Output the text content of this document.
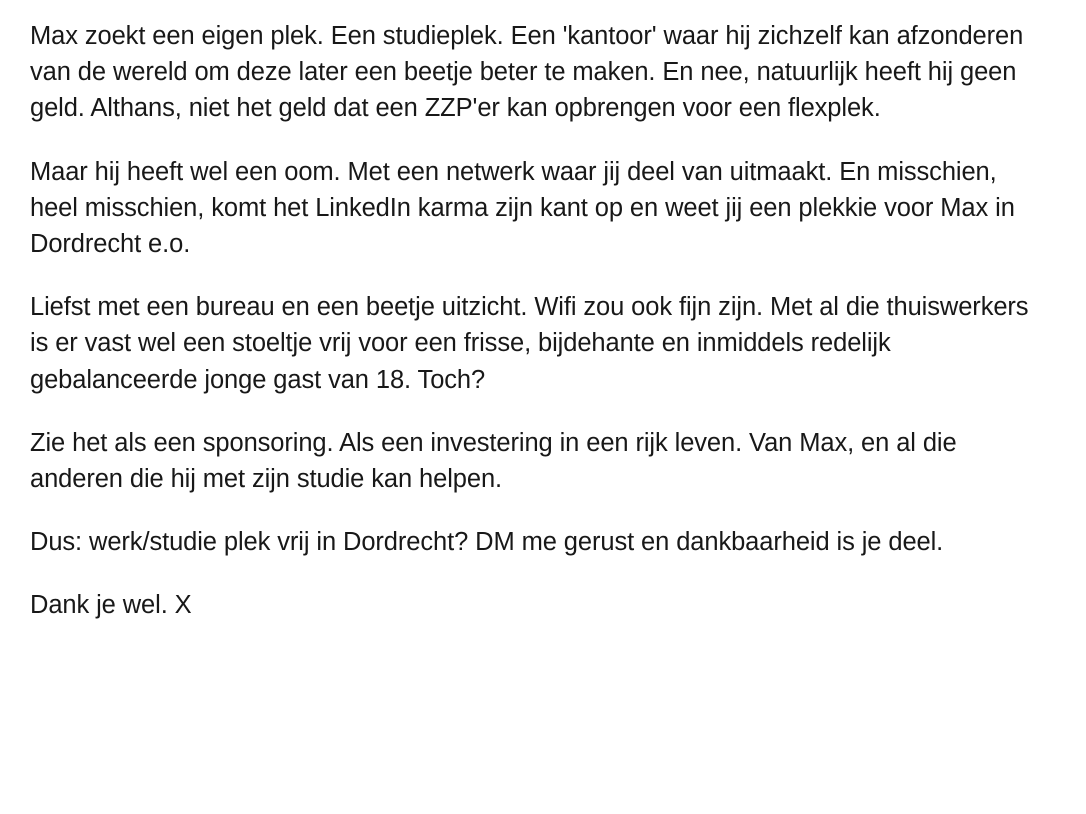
Max zoekt een eigen plek. Een studieplek. Een 'kantoor' waar hij zichzelf kan afzonderen van de wereld om deze later een beetje beter te maken. En nee, natuurlijk heeft hij geen geld. Althans, niet het geld dat een ZZP'er kan opbrengen voor een flexplek.

Maar hij heeft wel een oom. Met een netwerk waar jij deel van uitmaakt. En misschien, heel misschien, komt het LinkedIn karma zijn kant op en weet jij een plekkie voor Max in Dordrecht e.o.

Liefst met een bureau en een beetje uitzicht. Wifi zou ook fijn zijn. Met al die thuiswerkers is er vast wel een stoeltje vrij voor een frisse, bijdehante en inmiddels redelijk gebalanceerde jonge gast van 18. Toch?

Zie het als een sponsoring. Als een investering in een rijk leven. Van Max, en al die anderen die hij met zijn studie kan helpen.

Dus: werk/studie plek vrij in Dordrecht? DM me gerust en dankbaarheid is je deel.

Dank je wel. X
